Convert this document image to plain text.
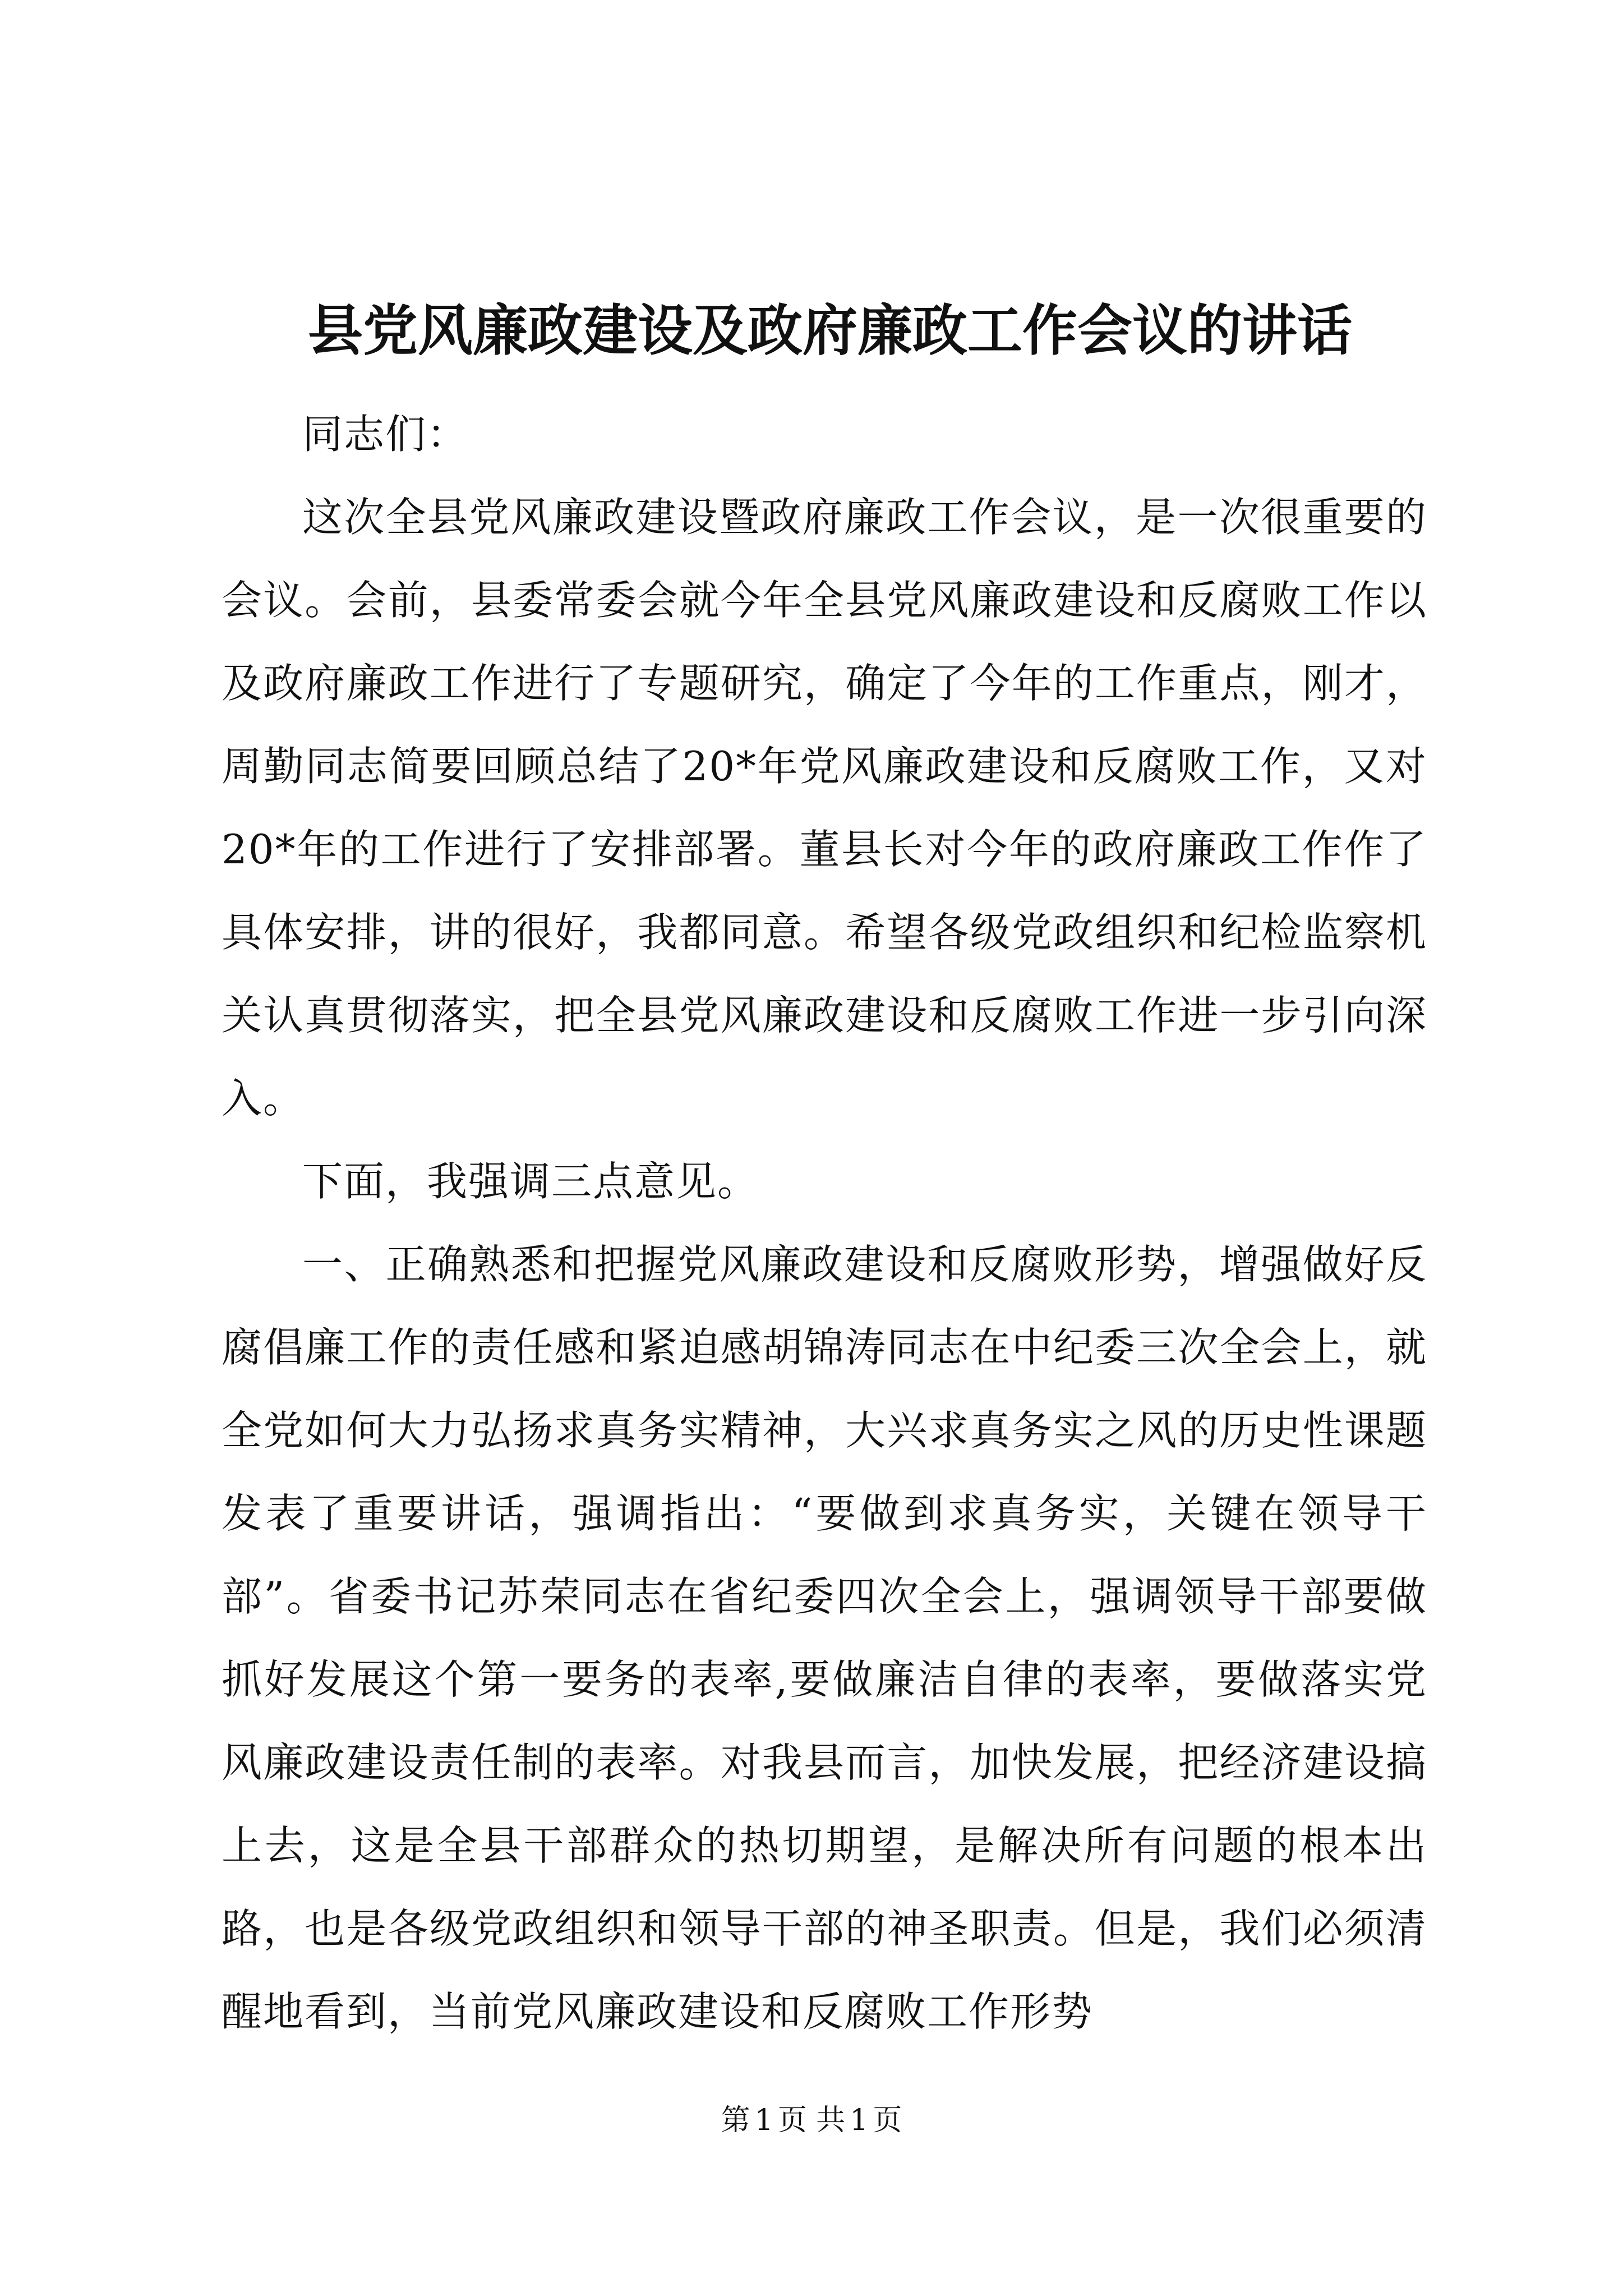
县党风廉政建设及政府廉政工作会议的讲话

同志们：

这次全县党风廉政建设暨政府廉政工作会议，是一次很重要的会议。会前，县委常委会就今年全县党风廉政建设和反腐败工作以及政府廉政工作进行了专题研究，确定了今年的工作重点，刚才，周勤同志简要回顾总结了20*年党风廉政建设和反腐败工作，又对20*年的工作进行了安排部署。董县长对今年的政府廉政工作作了具体安排，讲的很好，我都同意。希望各级党政组织和纪检监察机关认真贯彻落实，把全县党风廉政建设和反腐败工作进一步引向深入。

下面，我强调三点意见。

一、正确熟悉和把握党风廉政建设和反腐败形势，增强做好反腐倡廉工作的责任感和紧迫感胡锦涛同志在中纪委三次全会上，就全党如何大力弘扬求真务实精神，大兴求真务实之风的历史性课题发表了重要讲话，强调指出：“要做到求真务实，关键在领导干部”。省委书记苏荣同志在省纪委四次全会上，强调领导干部要做抓好发展这个第一要务的表率,要做廉洁自律的表率，要做落实党风廉政建设责任制的表率。对我县而言，加快发展，把经济建设搞上去，这是全县干部群众的热切期望，是解决所有问题的根本出路，也是各级党政组织和领导干部的神圣职责。但是，我们必须清醒地看到，当前党风廉政建设和反腐败工作形势

第 1 页 共 1 页
